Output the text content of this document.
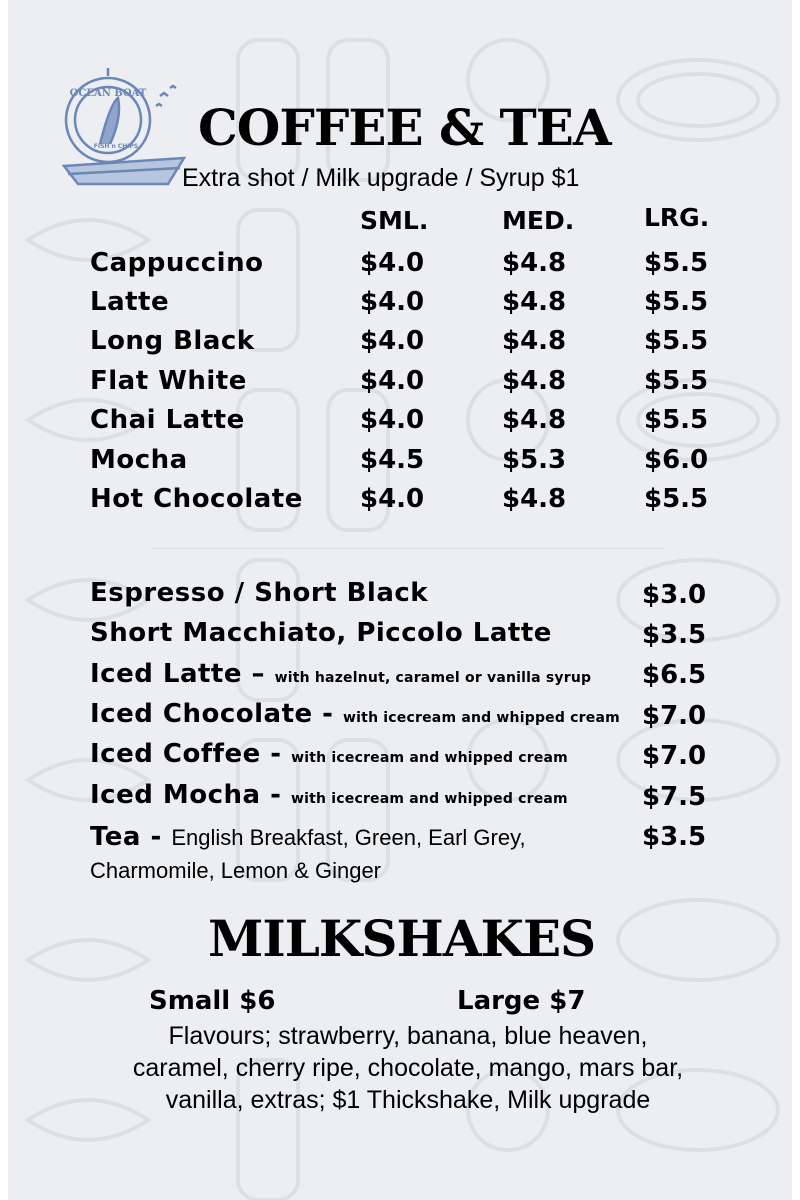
OCEAN BOAT
FISH n CHIPS COFFEE & TEA
Extra shot / Milk upgrade / Syrup $1
SML.	MED.	LRG.
Cappuccino	$4.0	$4.8	$5.5
Latte	$4.0	$4.8	$5.5
Long Black	$4.0	$4.8	$5.5
Flat White	$4.0	$4.8	$5.5
Chai Latte	$4.0	$4.8	$5.5
Mocha	$4.5	$5.3	$6.0
Hot Chocolate $4.0	$4.8	$5.5
Espresso / Short Black	$3.0
Short Macchiato, Piccolo Latte	$3.5
Iced Latte – with hazelnut, caramel or vanilla syrup $6.5
Iced Chocolate - with icecream and whipped cream $7.0
Iced Coffee - with icecream and whipped cream	$7.0
Iced Mocha - with icecream and whipped cream	$7.5
Tea - English Breakfast, Green, Earl Grey,
Charmomile, Lemon & Ginger
$3.5
MILKSHAKES
Small $6	Large $7
Flavours; strawberry, banana, blue heaven,
caramel, cherry ripe, chocolate, mango, mars bar,
vanilla, extras; $1 Thickshake, Milk upgrade
